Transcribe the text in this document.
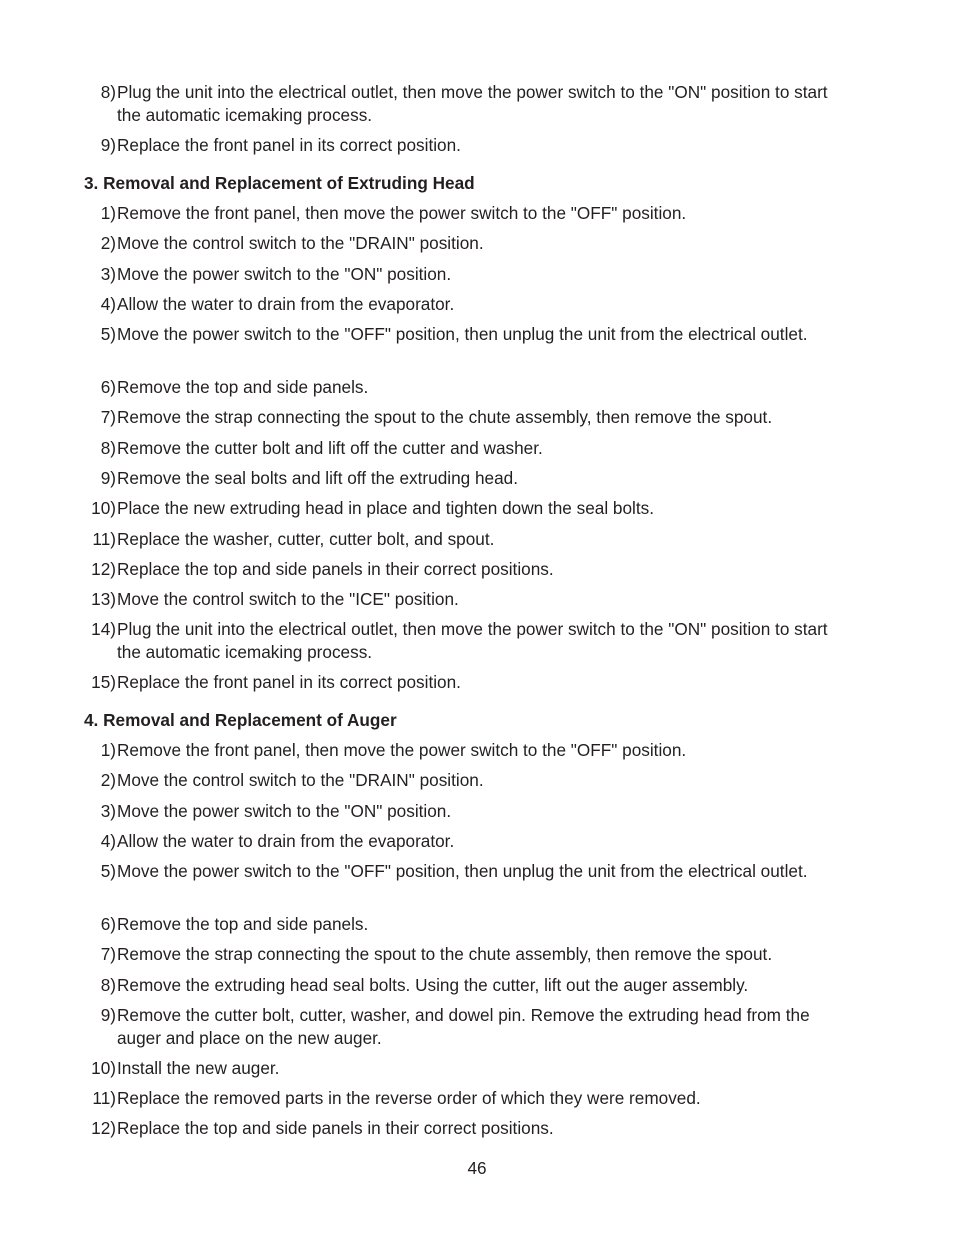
8) Plug the unit into the electrical outlet, then move the power switch to the "ON" position to start the automatic icemaking process.
9) Replace the front panel in its correct position.
3. Removal and Replacement of Extruding Head
1) Remove the front panel, then move the power switch to the "OFF" position.
2) Move the control switch to the "DRAIN" position.
3) Move the power switch to the "ON" position.
4) Allow the water to drain from the evaporator.
5) Move the power switch to the "OFF" position, then unplug the unit from the electrical outlet.
6) Remove the top and side panels.
7) Remove the strap connecting the spout to the chute assembly, then remove the spout.
8) Remove the cutter bolt and lift off the cutter and washer.
9) Remove the seal bolts and lift off the extruding head.
10) Place the new extruding head in place and tighten down the seal bolts.
11) Replace the washer, cutter, cutter bolt, and spout.
12) Replace the top and side panels in their correct positions.
13) Move the control switch to the "ICE" position.
14) Plug the unit into the electrical outlet, then move the power switch to the "ON" position to start the automatic icemaking process.
15) Replace the front panel in its correct position.
4. Removal and Replacement of Auger
1) Remove the front panel, then move the power switch to the "OFF" position.
2) Move the control switch to the "DRAIN" position.
3) Move the power switch to the "ON" position.
4) Allow the water to drain from the evaporator.
5) Move the power switch to the "OFF" position, then unplug the unit from the electrical outlet.
6) Remove the top and side panels.
7) Remove the strap connecting the spout to the chute assembly, then remove the spout.
8) Remove the extruding head seal bolts. Using the cutter, lift out the auger assembly.
9) Remove the cutter bolt, cutter, washer, and dowel pin. Remove the extruding head from the auger and place on the new auger.
10) Install the new auger.
11) Replace the removed parts in the reverse order of which they were removed.
12) Replace the top and side panels in their correct positions.
46
